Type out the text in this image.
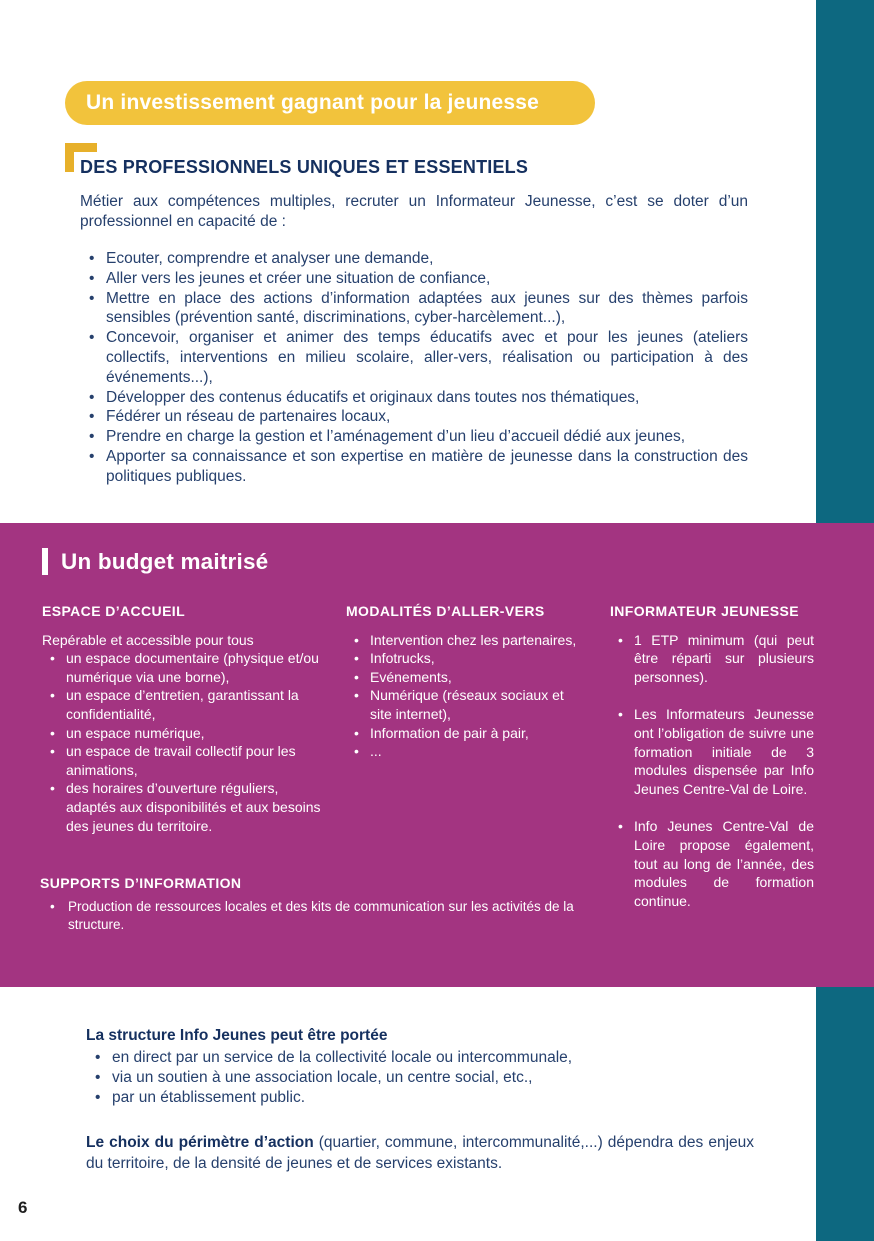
Un investissement gagnant pour la jeunesse
DES PROFESSIONNELS UNIQUES ET ESSENTIELS

Métier aux compétences multiples, recruter un Informateur Jeunesse, c’est se doter d’un professionnel en capacité de :

• Ecouter, comprendre et analyser une demande,
• Aller vers les jeunes et créer une situation de confiance,
• Mettre en place des actions d’information adaptées aux jeunes sur des thèmes parfois sensibles (prévention santé, discriminations, cyber-harcèlement...),
• Concevoir, organiser et animer des temps éducatifs avec et pour les jeunes (ateliers collectifs, interventions en milieu scolaire, aller-vers, réalisation ou participation à des événements...),
• Développer des contenus éducatifs et originaux dans toutes nos thématiques,
• Fédérer un réseau de partenaires locaux,
• Prendre en charge la gestion et l’aménagement d’un lieu d’accueil dédié aux jeunes,
• Apporter sa connaissance et son expertise en matière de jeunesse dans la construction des politiques publiques.
Un budget maitrisé
ESPACE D’ACCUEIL
Repérable et accessible pour tous
• un espace documentaire (physique et/ou numérique via une borne),
• un espace d’entretien, garantissant la confidentialité,
• un espace numérique,
• un espace de travail collectif pour les animations,
• des horaires d’ouverture réguliers, adaptés aux disponibilités et aux besoins des jeunes du territoire.
MODALITÉS D’ALLER-VERS
• Intervention chez les partenaires,
• Infotrucks,
• Evénements,
• Numérique (réseaux sociaux et site internet),
• Information de pair à pair,
• ...
INFORMATEUR JEUNESSE
• 1 ETP minimum (qui peut être réparti sur plusieurs personnes).
• Les Informateurs Jeunesse ont l’obligation de suivre une formation initiale de 3 modules dispensée par Info Jeunes Centre-Val de Loire.
• Info Jeunes Centre-Val de Loire propose également, tout au long de l’année, des modules de formation continue.
SUPPORTS D’INFORMATION
• Production de ressources locales et des kits de communication sur les activités de la structure.
La structure Info Jeunes peut être portée
• en direct par un service de la collectivité locale ou intercommunale,
• via un soutien à une association locale, un centre social, etc.,
• par un établissement public.

Le choix du périmètre d’action (quartier, commune, intercommunalité,...) dépendra des enjeux du territoire, de la densité de jeunes et de services existants.

6
